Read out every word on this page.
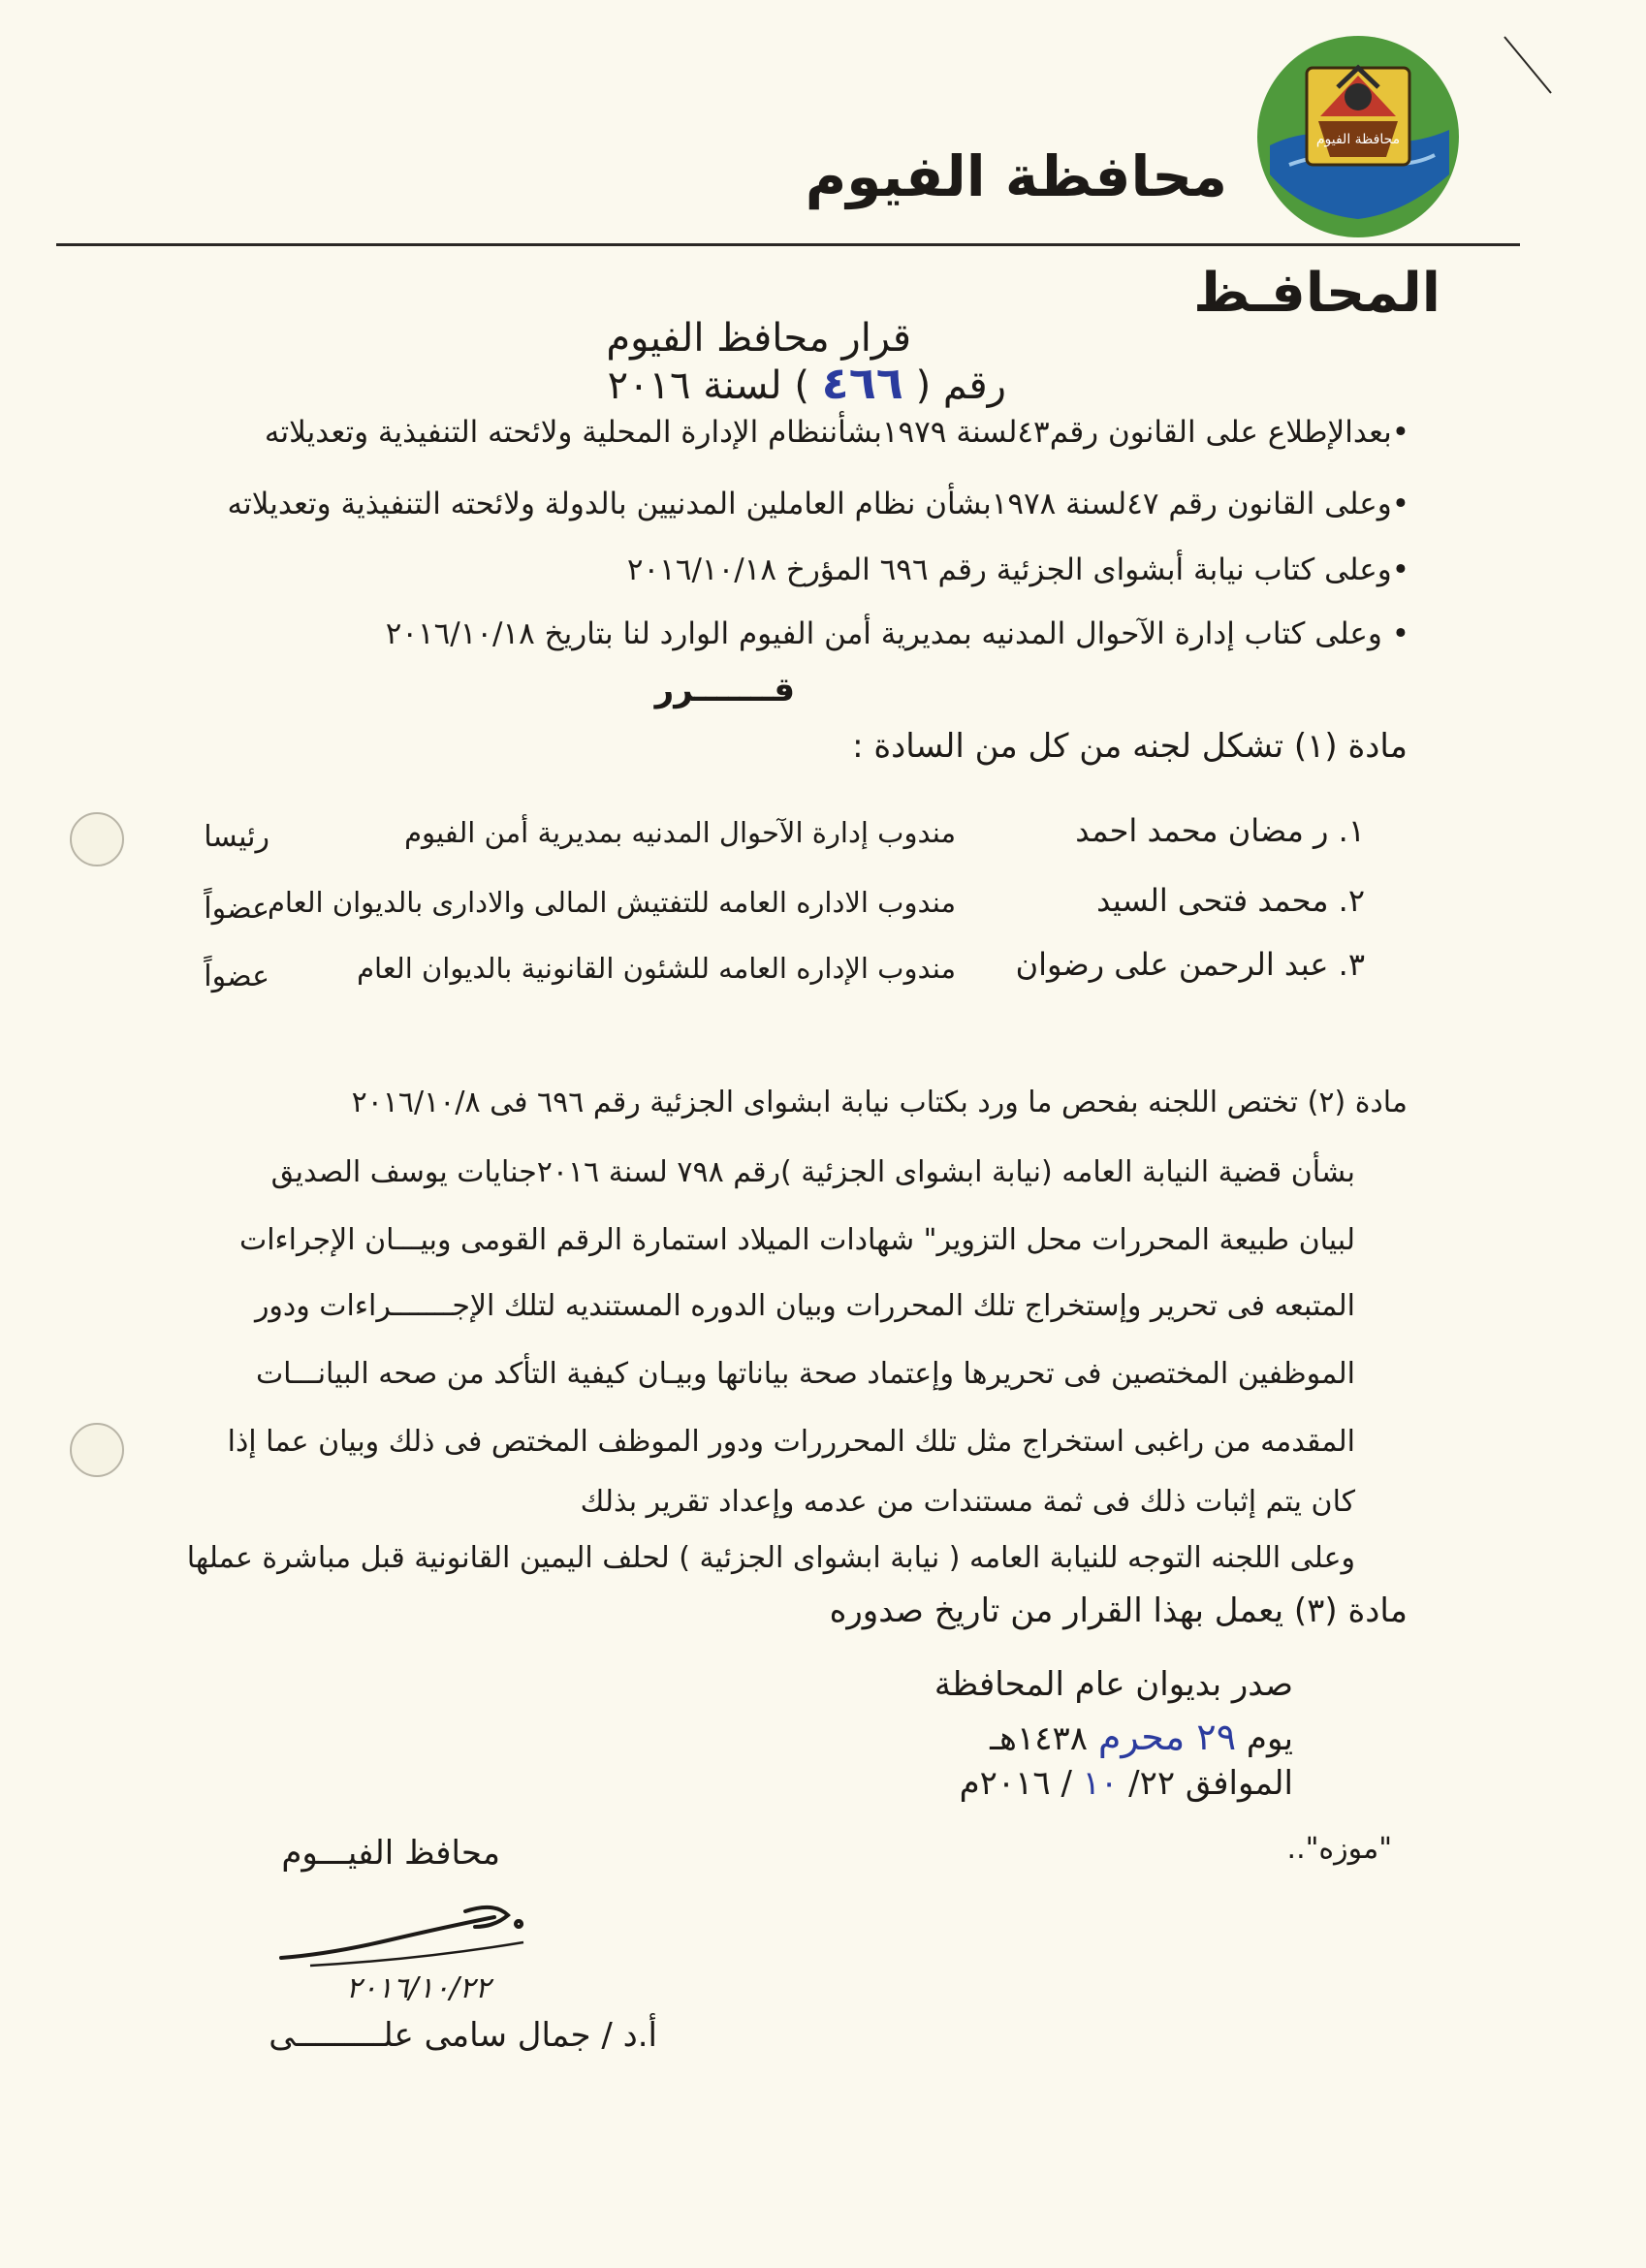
محافظة الفيوم
محافظة الفيوم
المحافـظ
قرار محافظ الفيوم
رقم ( ٤٦٦ ) لسنة ٢٠١٦
•بعدالإطلاع على القانون رقم٤٣لسنة ١٩٧٩بشأننظام الإدارة المحلية ولائحته التنفيذية وتعديلاته
•وعلى القانون رقم ٤٧لسنة ١٩٧٨بشأن نظام العاملين المدنيين بالدولة ولائحته التنفيذية وتعديلاته
•وعلى كتاب نيابة أبشواى الجزئية رقم ٦٩٦ المؤرخ ٢٠١٦/١٠/١٨
• وعلى كتاب إدارة الآحوال المدنيه بمديرية أمن الفيوم الوارد لنا بتاريخ ٢٠١٦/١٠/١٨
قـــــــرر
مادة (١) تشكل لجنه من كل من السادة :
١. ر مضان محمد احمد
مندوب إدارة الآحوال المدنيه بمديرية أمن الفيوم
رئيسا
٢. محمد فتحى السيد
مندوب الاداره العامه للتفتيش المالى والادارى بالديوان العام
عضواً
٣. عبد الرحمن على رضوان
مندوب الإداره العامه للشئون القانونية بالديوان العام
عضواً
مادة (٢) تختص اللجنه بفحص ما ورد بكتاب نيابة ابشواى الجزئية رقم ٦٩٦ فى ٢٠١٦/١٠/٨
بشأن قضية النيابة العامه (نيابة ابشواى الجزئية )رقم ٧٩٨ لسنة ٢٠١٦جنايات يوسف الصديق
لبيان طبيعة المحررات محل التزوير" شهادات الميلاد استمارة الرقم القومى وبيـــان الإجراءات
المتبعه فى تحرير وإستخراج تلك المحررات وبيان الدوره المستنديه لتلك الإجـــــــراءات ودور
الموظفين المختصين فى تحريرها وإعتماد صحة بياناتها وبيـان كيفية التأكد من صحه البيانـــات
المقدمه من راغبى استخراج مثل تلك المحرررات ودور الموظف المختص فى ذلك وبيان عما إذا
كان يتم إثبات ذلك فى ثمة مستندات من عدمه وإعداد تقرير بذلك
وعلى اللجنه التوجه للنيابة العامه ( نيابة ابشواى الجزئية ) لحلف اليمين القانونية قبل مباشرة عملها
مادة (٣) يعمل بهذا القرار من تاريخ صدوره
صدر بديوان عام المحافظة
يوم ٢٩ محرم ١٤٣٨هـ
الموافق ٢٢/ ١٠ / ٢٠١٦م
"موزه"..
محافظ الفيـــوم
٢٠١٦/١٠/٢٢
أ.د / جمال سامى علـــــــــى
